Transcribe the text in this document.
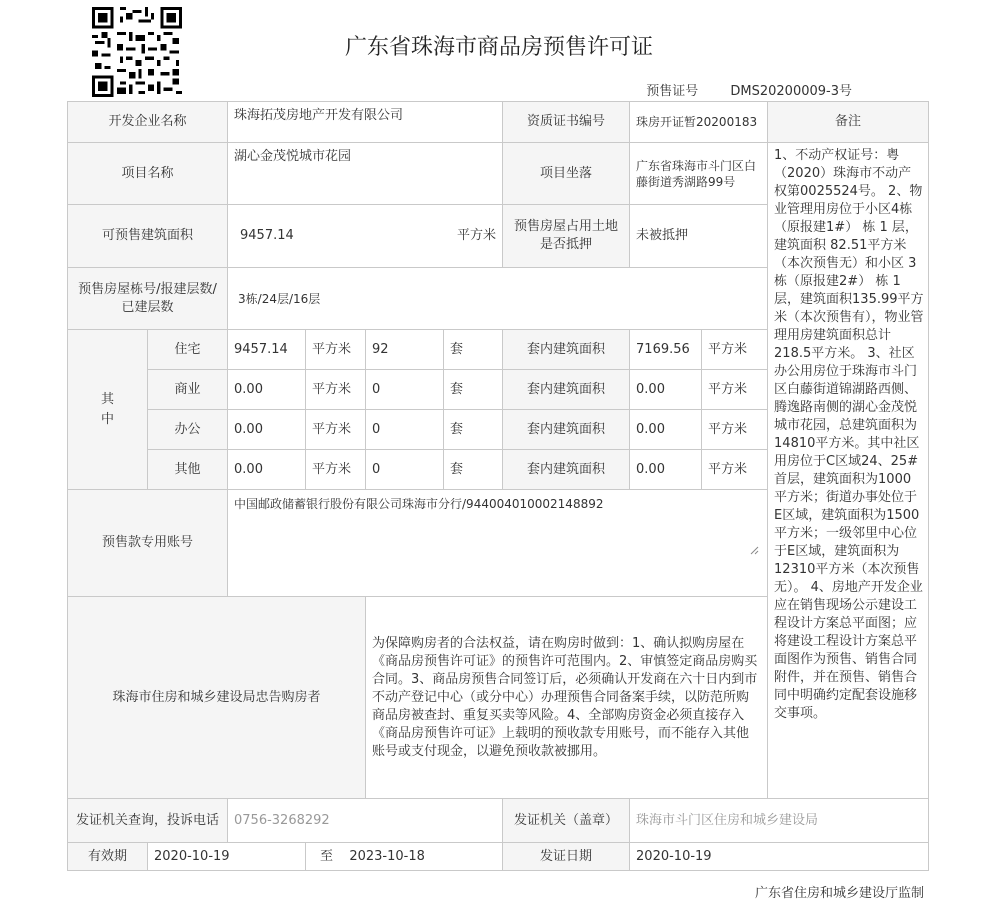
广东省珠海市商品房预售许可证
预售证号 DMS20200009-3号
开发企业名称		珠海拓茂房地产开发有限公司				资质证书编号	珠房开证暂20200183		备注
项目名称		湖心金茂悦城市花园				项目坐落	广东省珠海市斗门区白藤街道秀湖路99号		1、不动产权证号：粤（2020）珠海市不动产权第0025524号。 2、物业管理用房位于小区4栋（原报建1#） 栋 1 层，建筑面积 82.51平方米（本次预售无）和小区 3栋（原报建2#） 栋 1 层，建筑面积135.99平方米（本次预售有），物业管理用房建筑面积总计 218.5平方米。 3、社区办公用房位于珠海市斗门区白藤街道锦湖路西侧、腾逸路南侧的湖心金茂悦城市花园，总建筑面积为14810平方米。其中社区用房位于C区域24、25#首层，建筑面积为1000平方米；街道办事处位于E区域，建筑面积为1500平方米；一级邻里中心位于E区域，建筑面积为12310平方米（本次预售无）。 4、房地产开发企业应在销售现场公示建设工程设计方案总平面图；应将建设工程设计方案总平面图作为预售、销售合同附件，并在预售、销售合同中明确约定配套设施移交事项。
可预售建筑面积		9457.14 平方米				预售房屋占用土地是否抵押	未被抵押		
预售房屋栋号/报建层数/已建层数		3栋/24层/16层							
其
中	住宅	9457.14	平方米	92	套	套内建筑面积	7169.56	平方米	
	商业	0.00	平方米	0	套	套内建筑面积	0.00	平方米	
	办公	0.00	平方米	0	套	套内建筑面积	0.00	平方米	
	其他	0.00	平方米	0	套	套内建筑面积	0.00	平方米	
预售款专用账号	
中国邮政储蓄银行股份有限公司珠海市分行/944004010002148892

珠海市住房和城乡建设局忠告购房者				为保障购房者的合法权益，请在购房时做到：1、确认拟购房屋在《商品房预售许可证》的预售许可范围内。2、审慎签定商品房购买合同。3、商品房预售合同签订后，必须确认开发商在六十日内到市不动产登记中心（或分中心）办理预售合同备案手续，以防范所购商品房被查封、重复买卖等风险。4、全部购房资金必须直接存入《商品房预售许可证》上载明的预收款专用账号，而不能存入其他账号或支付现金，以避免预收款被挪用。					
发证机关查询，投诉电话		0756-3268292				发证机关（盖章）	珠海市斗门区住房和城乡建设局		
有效期	2020-10-19		至 2023-10-18			发证日期	2020-10-19		
广东省住房和城乡建设厅监制
